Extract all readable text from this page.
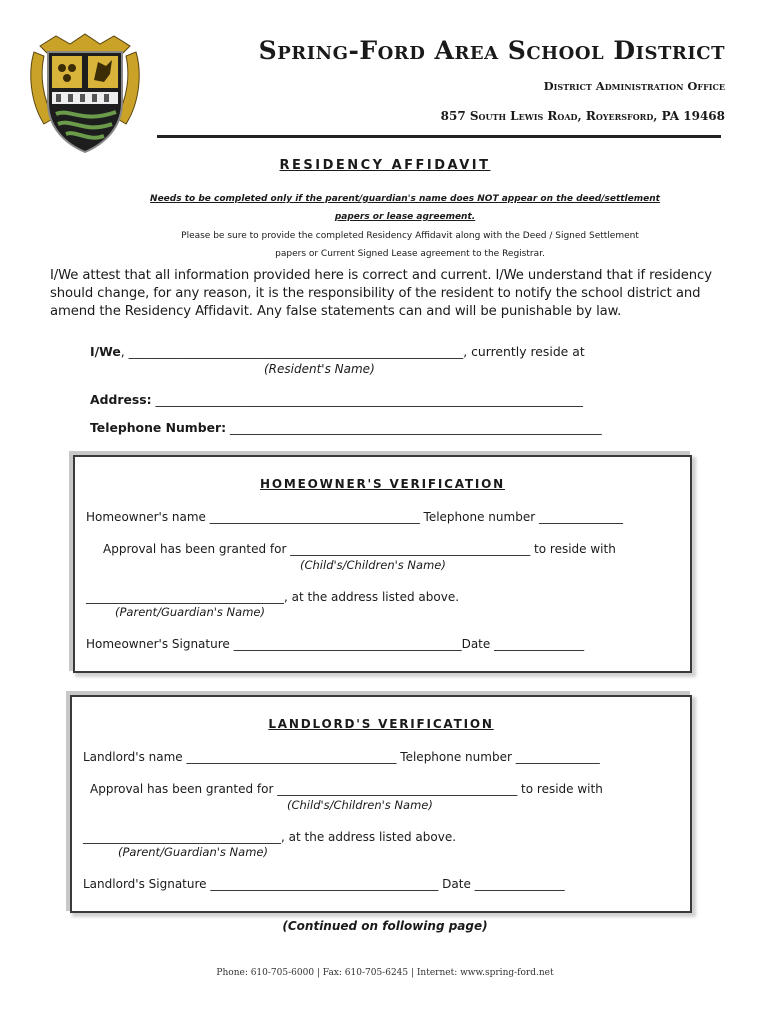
Spring-Ford Area School District
District Administration Office
857 South Lewis Road, Royersford, PA 19468
RESIDENCY AFFIDAVIT
Needs to be completed only if the parent/guardian's name does NOT appear on the deed/settlement
papers or lease agreement.
Please be sure to provide the completed Residency Affidavit along with the Deed / Signed Settlement
papers or Current Signed Lease agreement to the Registrar.
I/We attest that all information provided here is correct and current. I/We understand that if residency should change, for any reason, it is the responsibility of the resident to notify the school district and amend the Residency Affidavit. Any false statements can and will be punishable by law.
I/We, ______________________________________________________, currently reside at
(Resident's Name)
Address: _____________________________________________________________________
Telephone Number: ____________________________________________________________
HOMEOWNER'S VERIFICATION
Homeowner's name ___________________________________ Telephone number ______________
Approval has been granted for ________________________________________ to reside with
(Child's/Children's Name)
_________________________________, at the address listed above.
(Parent/Guardian's Name)
Homeowner's Signature ______________________________________Date _______________
LANDLORD'S VERIFICATION
Landlord's name ___________________________________ Telephone number ______________
Approval has been granted for ________________________________________ to reside with
(Child's/Children's Name)
_________________________________, at the address listed above.
(Parent/Guardian's Name)
Landlord's Signature ______________________________________ Date _______________
(Continued on following page)
Phone: 610-705-6000 | Fax: 610-705-6245 | Internet: www.spring-ford.net
